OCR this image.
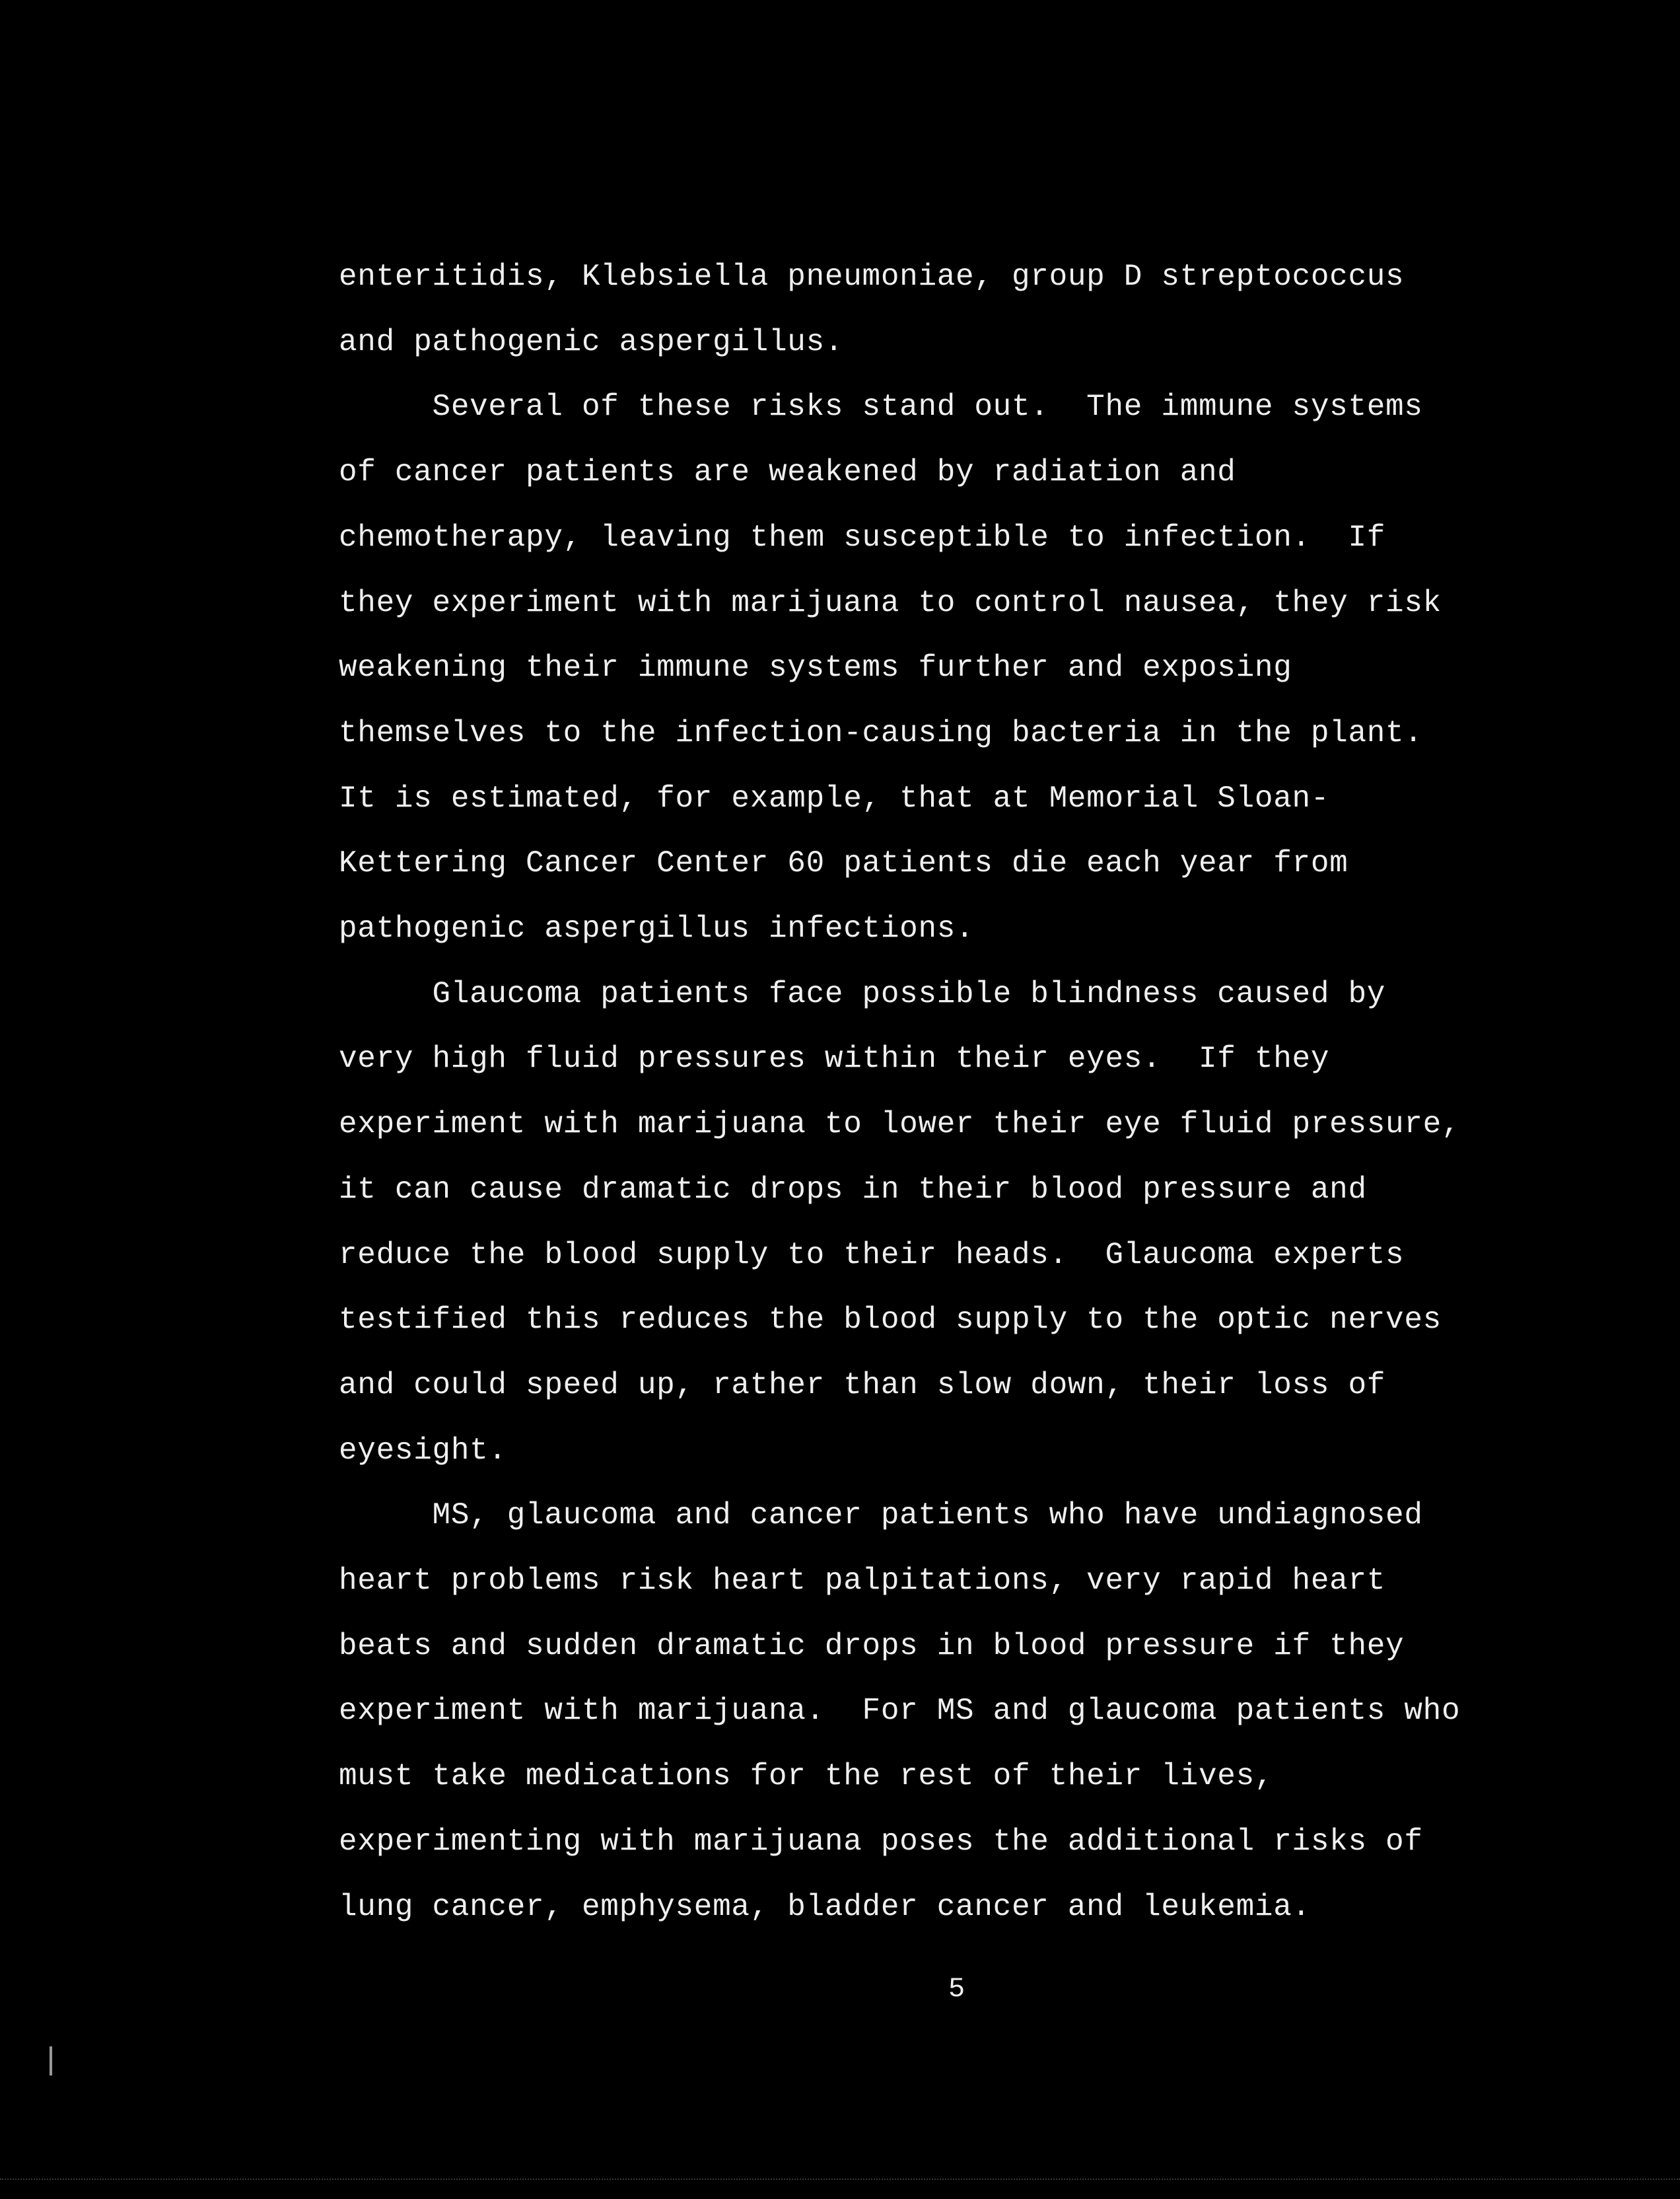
enteritidis, Klebsiella pneumoniae, group D streptococcus
and pathogenic aspergillus.
Several of these risks stand out.  The immune systems
of cancer patients are weakened by radiation and
chemotherapy, leaving them susceptible to infection.  If
they experiment with marijuana to control nausea, they risk
weakening their immune systems further and exposing
themselves to the infection-causing bacteria in the plant.
It is estimated, for example, that at Memorial Sloan-
Kettering Cancer Center 60 patients die each year from
pathogenic aspergillus infections.
Glaucoma patients face possible blindness caused by
very high fluid pressures within their eyes.  If they
experiment with marijuana to lower their eye fluid pressure,
it can cause dramatic drops in their blood pressure and
reduce the blood supply to their heads.  Glaucoma experts
testified this reduces the blood supply to the optic nerves
and could speed up, rather than slow down, their loss of
eyesight.
MS, glaucoma and cancer patients who have undiagnosed
heart problems risk heart palpitations, very rapid heart
beats and sudden dramatic drops in blood pressure if they
experiment with marijuana.  For MS and glaucoma patients who
must take medications for the rest of their lives,
experimenting with marijuana poses the additional risks of
lung cancer, emphysema, bladder cancer and leukemia.
5
